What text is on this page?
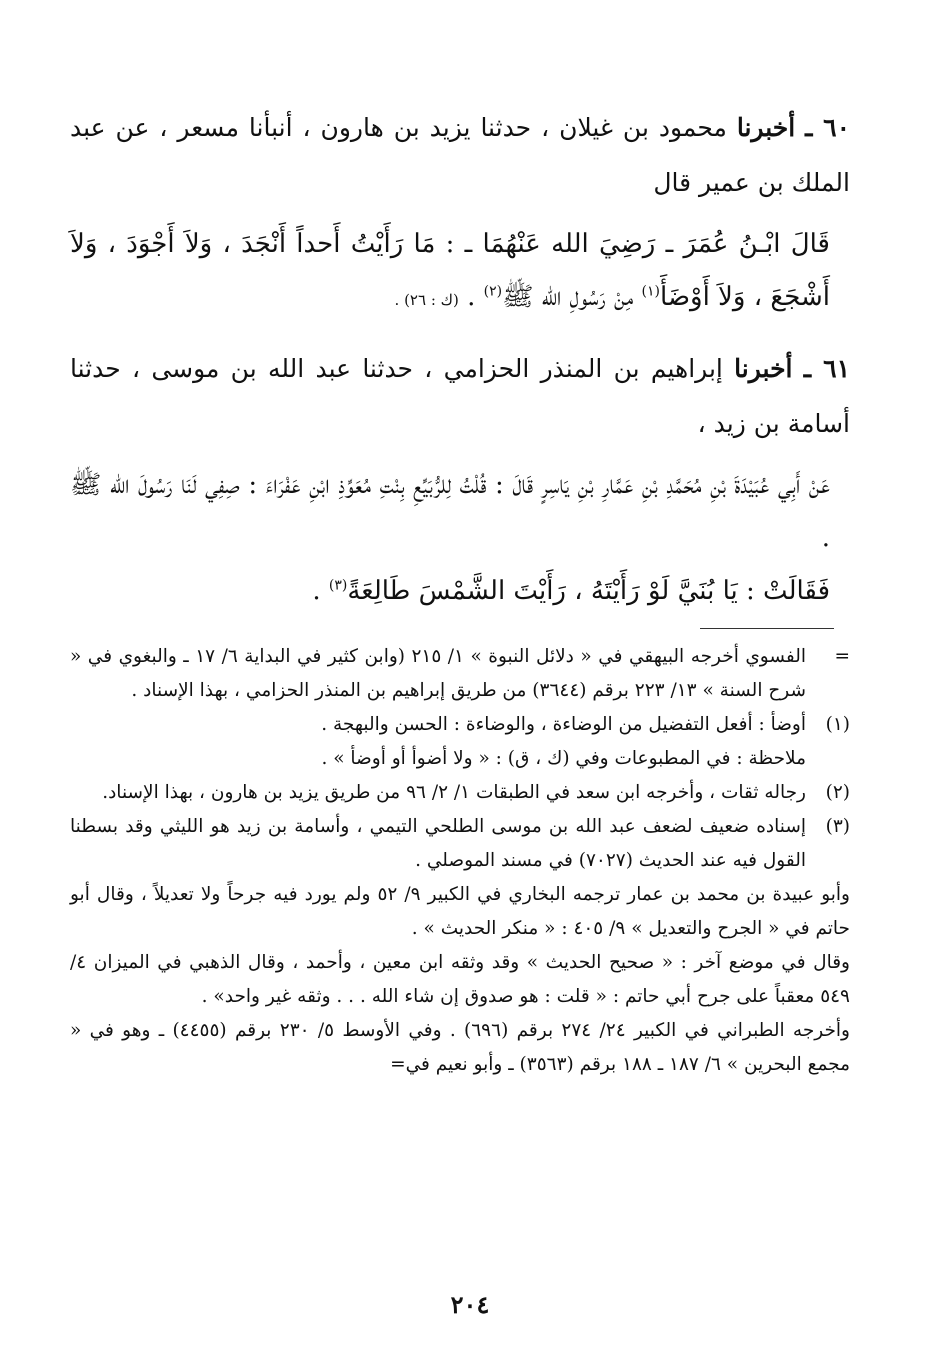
٦٠ ـ أخبرنا محمود بن غيلان ، حدثنا يزيد بن هارون ، أنبأنا مسعر ، عن عبد الملك بن عمير قال

قَالَ ابْـنُ عُمَرَ ـ رَضِيَ الله عَنْهُمَا ـ : مَا رَأَيْتُ أَحداً أَنْجَدَ ، وَلاَ أَجْوَدَ ، وَلاَ أَشْجَعَ ، وَلاَ أَوْضَأَ$^{(١)}$ مِنْ رَسُولِ الله ﷺ$^{(٢)}$ . (ك : ٢٦) .

٦١ ـ أخبرنا إبراهيم بن المنذر الحزامي ، حدثنا عبد الله بن موسى ، حدثنا أسامة بن زيد ،

عَنْ أَبِي عُبَيْدَةَ بْنِ مُحَمَّدِ بْنِ عَمَّارِ بْنِ يَاسِرٍ قَالَ : قُلْتُ لِلرُّبَيِّعِ بِنْتِ مُعَوِّذِ ابْنِ عَفْرَاءَ : صِفِي لَنَا رَسُولَ الله ﷺ .

فَقَالَتْ : يَا بُنَيَّ لَوْ رَأَيْتَهُ ، رَأَيْتَ الشَّمْسَ طَالِعَةً$^{(٣)}$ .

=
الفسوي أخرجه البيهقي في « دلائل النبوة » ١/ ٢١٥ (وابن كثير في البداية ٦/ ١٧ ـ والبغوي في « شرح السنة » ١٣/ ٢٢٣ برقم (٣٦٤٤) من طريق إبراهيم بن المنذر الحزامي ، بهذا الإسناد .
(١)
أوضأ : أفعل التفضيل من الوضاءة ، والوضاءة : الحسن والبهجة .
ملاحظة : في المطبوعات وفي (ك ، ق) : « ولا أضوأ أو أوضأ » .
(٢)
رجاله ثقات ، وأخرجه ابن سعد في الطبقات ١/ ٢/ ٩٦ من طريق يزيد بن هارون ، بهذا الإسناد.
(٣)
إسناده ضعيف لضعف عبد الله بن موسى الطلحي التيمي ، وأسامة بن زيد هو الليثي وقد بسطنا القول فيه عند الحديث (٧٠٢٧) في مسند الموصلي .
وأبو عبيدة بن محمد بن عمار ترجمه البخاري في الكبير ٩/ ٥٢ ولم يورد فيه جرحاً ولا تعديلاً ، وقال أبو حاتم في « الجرح والتعديل » ٩/ ٤٠٥ : « منكر الحديث » .
وقال في موضع آخر : « صحيح الحديث » وقد وثقه ابن معين ، وأحمد ، وقال الذهبي في الميزان ٤/ ٥٤٩ معقباً على جرح أبي حاتم : « قلت : هو صدوق إن شاء الله . . . وثقه غير واحد» .
وأخرجه الطبراني في الكبير ٢٤/ ٢٧٤ برقم (٦٩٦) . وفي الأوسط ٥/ ٢٣٠ برقم (٤٤٥٥) ـ وهو في « مجمع البحرين » ٦/ ١٨٧ ـ ١٨٨ برقم (٣٥٦٣) ـ وأبو نعيم في=
٢٠٤
